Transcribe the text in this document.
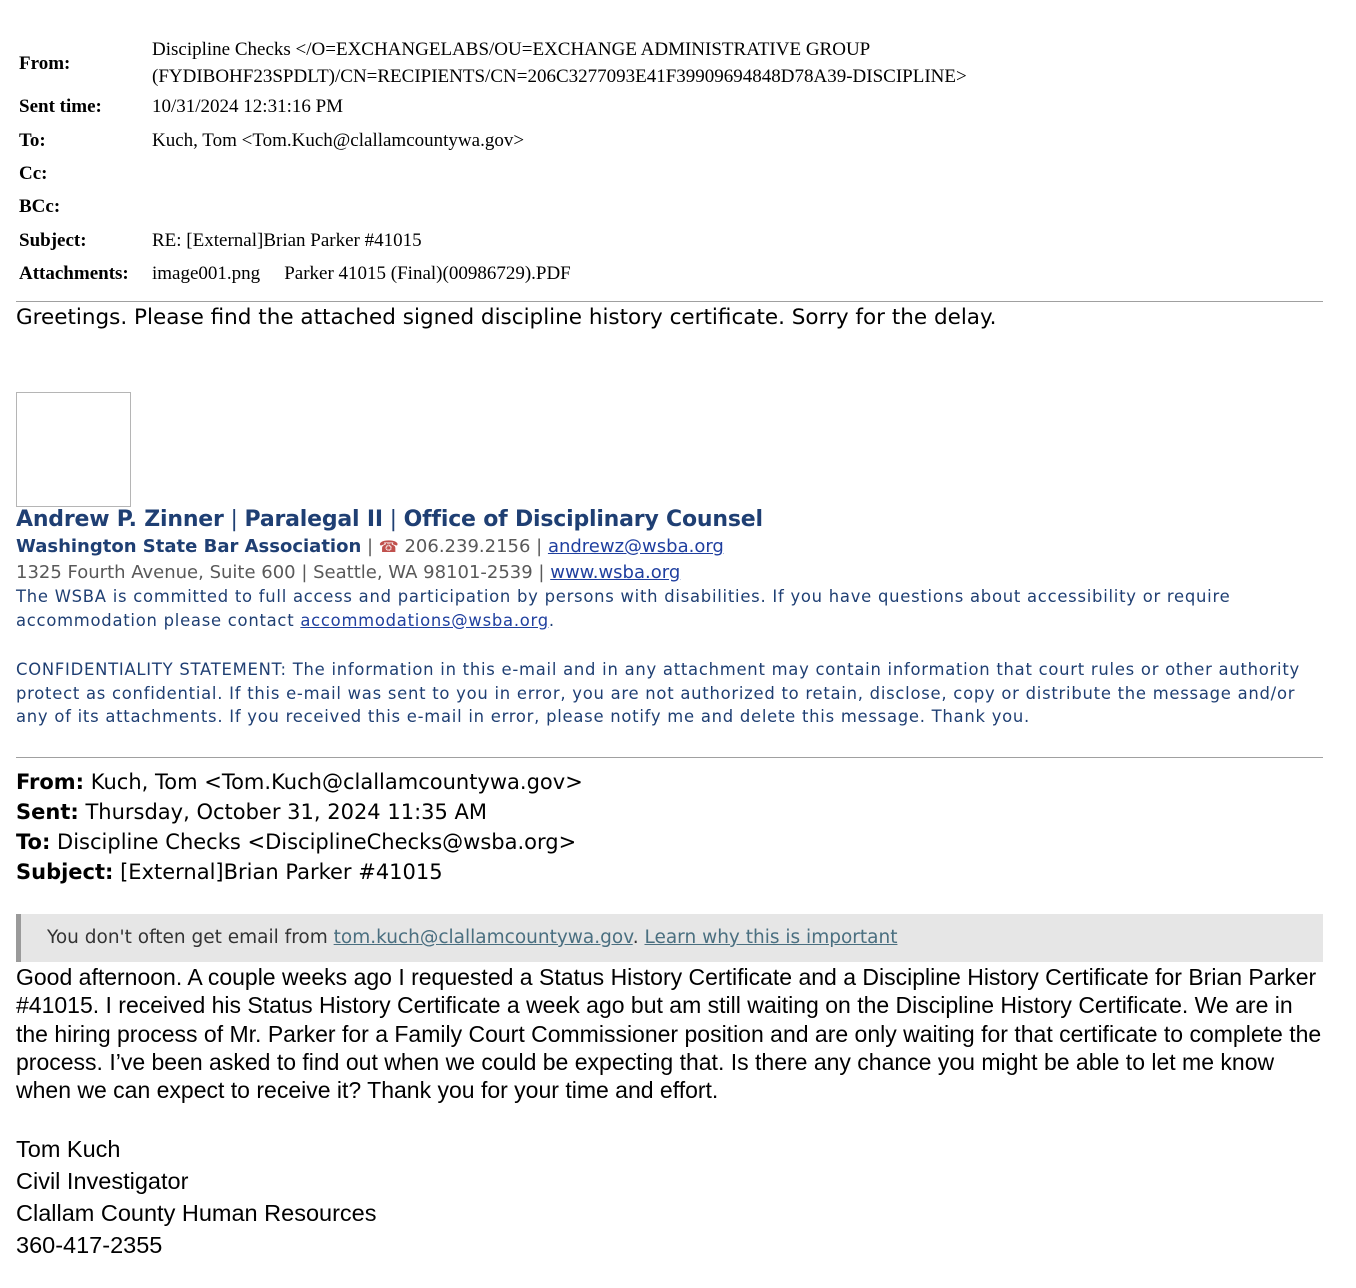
From:
Discipline Checks </O=EXCHANGELABS/OU=EXCHANGE ADMINISTRATIVE GROUP
(FYDIBOHF23SPDLT)/CN=RECIPIENTS/CN=206C3277093E41F39909694848D78A39-DISCIPLINE>
Sent time:	10/31/2024 12:31:16 PM
To:	Kuch, Tom <Tom.Kuch@clallamcountywa.gov>
Cc:
BCc:
Subject:	RE: [External]Brian Parker #41015
Attachments:	image001.png Parker 41015 (Final)(00986729).PDF
Greetings. Please find the attached signed discipline history certificate. Sorry for the delay.
Andrew P. Zinner | Paralegal II | Office of Disciplinary Counsel
Washington State Bar Association | ☎ 206.239.2156 | andrewz@wsba.org
1325 Fourth Avenue, Suite 600 | Seattle, WA 98101-2539 | www.wsba.org
The WSBA is committed to full access and participation by persons with disabilities. If you have questions about accessibility or require accommodation please contact accommodations@wsba.org.
CONFIDENTIALITY STATEMENT: The information in this e-mail and in any attachment may contain information that court rules or other authority protect as confidential. If this e-mail was sent to you in error, you are not authorized to retain, disclose, copy or distribute the message and/or any of its attachments. If you received this e-mail in error, please notify me and delete this message. Thank you.
From: Kuch, Tom <Tom.Kuch@clallamcountywa.gov>
Sent: Thursday, October 31, 2024 11:35 AM
To: Discipline Checks <DisciplineChecks@wsba.org>
Subject: [External]Brian Parker #41015
You don't often get email from tom.kuch@clallamcountywa.gov. Learn why this is important
Good afternoon. A couple weeks ago I requested a Status History Certificate and a Discipline History Certificate for Brian Parker #41015. I received his Status History Certificate a week ago but am still waiting on the Discipline History Certificate. We are in the hiring process of Mr. Parker for a Family Court Commissioner position and are only waiting for that certificate to complete the process. I’ve been asked to find out when we could be expecting that. Is there any chance you might be able to let me know when we can expect to receive it? Thank you for your time and effort.
Tom Kuch
Civil Investigator
Clallam County Human Resources
360-417-2355
